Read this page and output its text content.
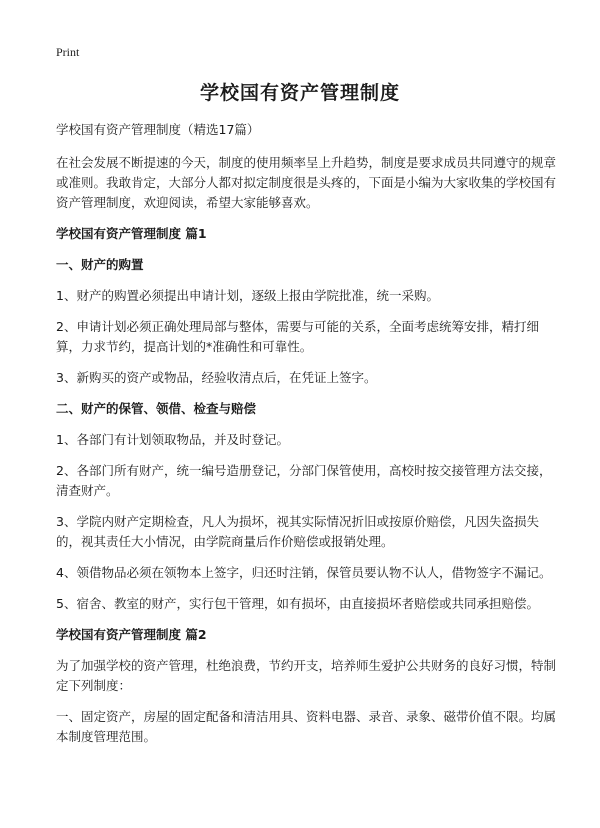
Print
学校国有资产管理制度

学校国有资产管理制度（精选17篇）

在社会发展不断提速的今天，制度的使用频率呈上升趋势，制度是要求成员共同遵守的规章或准则。我敢肯定，大部分人都对拟定制度很是头疼的，下面是小编为大家收集的学校国有资产管理制度，欢迎阅读，希望大家能够喜欢。

学校国有资产管理制度 篇1

一、财产的购置

1、财产的购置必须提出申请计划，逐级上报由学院批准，统一采购。

2、申请计划必须正确处理局部与整体，需要与可能的关系，全面考虑统筹安排，精打细算，力求节约，提高计划的*准确性和可靠性。

3、新购买的资产或物品，经验收清点后，在凭证上签字。

二、财产的保管、领借、检查与赔偿

1、各部门有计划领取物品，并及时登记。

2、各部门所有财产，统一编号造册登记，分部门保管使用，高校时按交接管理方法交接，清查财产。

3、学院内财产定期检查，凡人为损坏，视其实际情况折旧或按原价赔偿，凡因失盗损失的，视其责任大小情况，由学院商量后作价赔偿或报销处理。

4、领借物品必须在领物本上签字，归还时注销，保管员要认物不认人，借物签字不漏记。

5、宿舍、教室的财产，实行包干管理，如有损坏，由直接损坏者赔偿或共同承担赔偿。

学校国有资产管理制度 篇2

为了加强学校的资产管理，杜绝浪费，节约开支，培养师生爱护公共财务的良好习惯，特制定下列制度：

一、固定资产，房屋的固定配备和清洁用具、资料电器、录音、录象、磁带价值不限。均属本制度管理范围。
